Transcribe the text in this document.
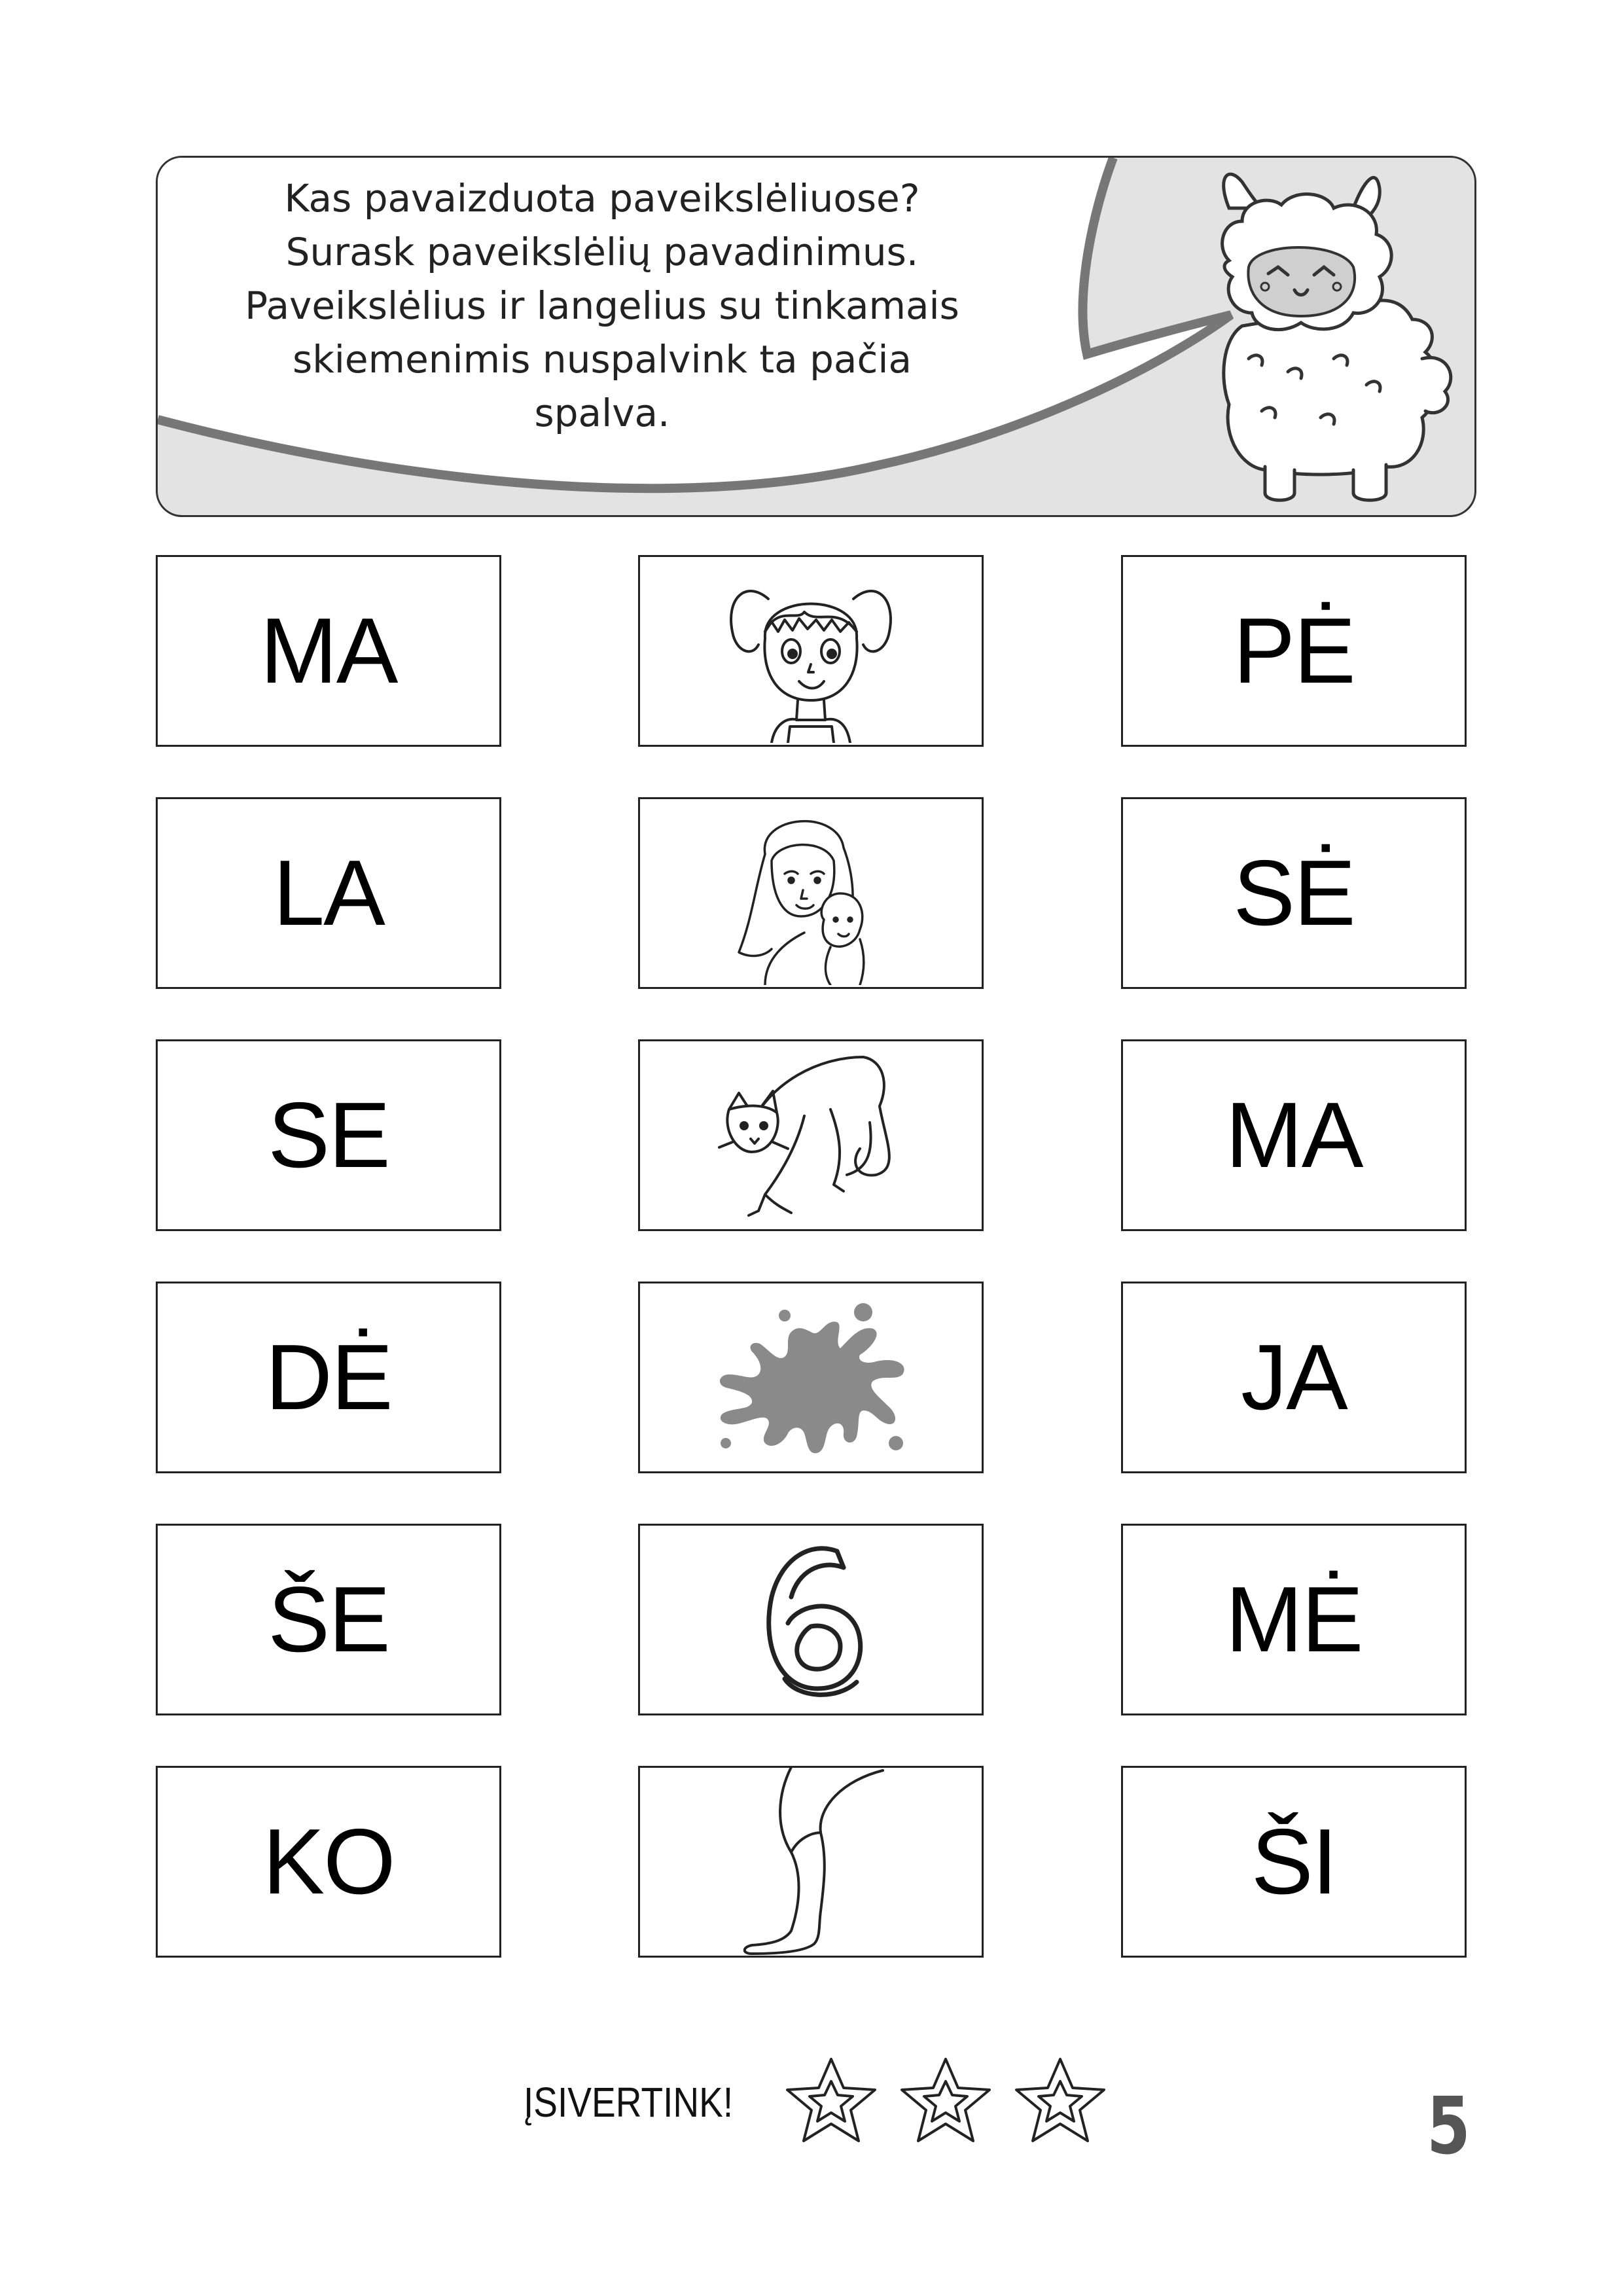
Kas pavaizduota paveikslėliuose?
Surask paveikslėlių pavadinimus.
Paveikslėlius ir langelius su tinkamais
skiemenimis nuspalvink ta pačia
spalva.

MA
LA
SE
DĖ
ŠE
KO
PĖ
SĖ
MA
JA
MĖ
ŠI
ĮSIVERTINK!	5
